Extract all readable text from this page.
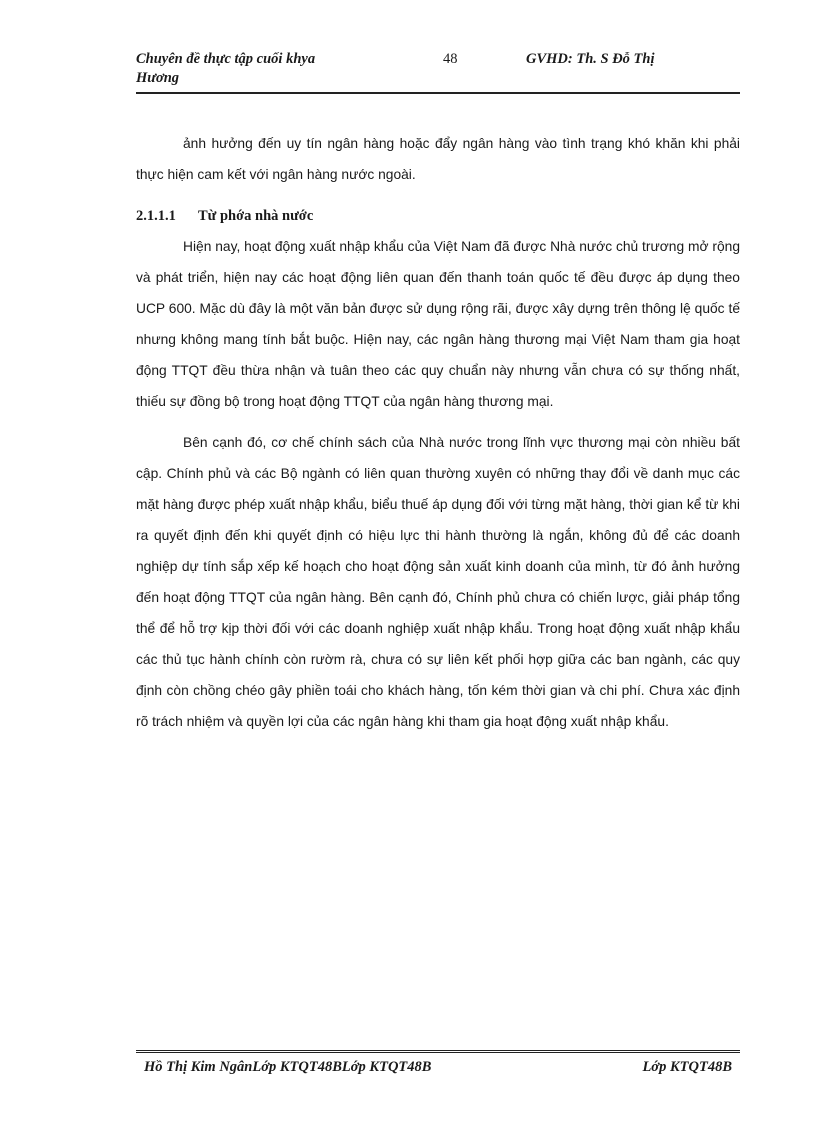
Chuyên đề thực tập cuối khya
Hương
48	GVHD: Th. S Đỗ Thị

ảnh hưởng đến uy tín ngân hàng hoặc đẩy ngân hàng vào tình trạng khó khăn khi phải thực hiện cam kết với ngân hàng nước ngoài.

2.1.1.1 Từ phớa nhà nước

Hiện nay, hoạt động xuất nhập khẩu của Việt Nam đã được Nhà nước chủ trương mở rộng và phát triển, hiện nay các hoạt động liên quan đến thanh toán quốc tế đều được áp dụng theo UCP 600. Mặc dù đây là một văn bản được sử dụng rộng rãi, được xây dựng trên thông lệ quốc tế nhưng không mang tính bắt buộc. Hiện nay, các ngân hàng thương mại Việt Nam tham gia hoạt động TTQT đều thừa nhận và tuân theo các quy chuẩn này nhưng vẫn chưa có sự thống nhất, thiếu sự đồng bộ trong hoạt động TTQT của ngân hàng thương mại.

Bên cạnh đó, cơ chế chính sách của Nhà nước trong lĩnh vực thương mại còn nhiều bất cập. Chính phủ và các Bộ ngành có liên quan thường xuyên có những thay đổi về danh mục các mặt hàng được phép xuất nhập khẩu, biểu thuế áp dụng đối với từng mặt hàng, thời gian kể từ khi ra quyết định đến khi quyết định có hiệu lực thi hành thường là ngắn, không đủ để các doanh nghiệp dự tính sắp xếp kế hoạch cho hoạt động sản xuất kinh doanh của mình, từ đó ảnh hưởng đến hoạt động TTQT của ngân hàng. Bên cạnh đó, Chính phủ chưa có chiến lược, giải pháp tổng thể để hỗ trợ kịp thời đối với các doanh nghiệp xuất nhập khẩu. Trong hoạt động xuất nhập khẩu các thủ tục hành chính còn rườm rà, chưa có sự liên kết phối hợp giữa các ban ngành, các quy định còn chồng chéo gây phiền toái cho khách hàng, tốn kém thời gian và chi phí. Chưa xác định rõ trách nhiệm và quyền lợi của các ngân hàng khi tham gia hoạt động xuất nhập khẩu.

Hồ Thị Kim NgânLớp KTQT48BLớp KTQT48B	Lớp KTQT48B
